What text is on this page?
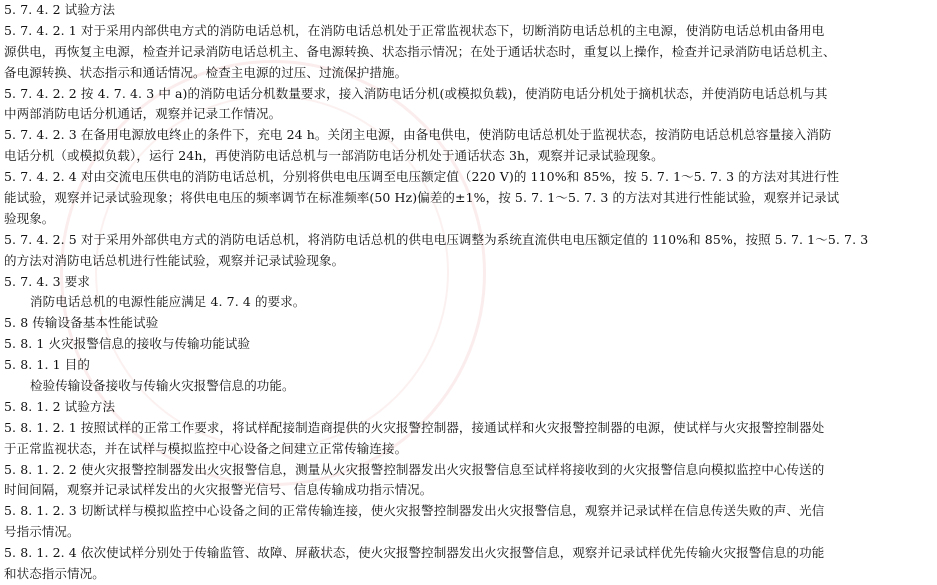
5. 7. 4. 2 试验方法
5. 7. 4. 2. 1 对于采用内部供电方式的消防电话总机，在消防电话总机处于正常监视状态下，切断消防电话总机的主电源，使消防电话总机由备用电
源供电，再恢复主电源，检查并记录消防电话总机主、备电源转换、状态指示情况；在处于通话状态时，重复以上操作，检查并记录消防电话总机主、
备电源转换、状态指示和通话情况。检查主电源的过压、过流保护措施。
5. 7. 4. 2. 2 按 4. 7. 4. 3 中 a)的消防电话分机数量要求，接入消防电话分机(或模拟负载)，使消防电话分机处于摘机状态，并使消防电话总机与其
中两部消防电话分机通话，观察并记录工作情况。
5. 7. 4. 2. 3 在备用电源放电终止的条件下，充电 24 h。关闭主电源，由备电供电，使消防电话总机处于监视状态，按消防电话总机总容量接入消防
电话分机（或模拟负载），运行 24h，再使消防电话总机与一部消防电话分机处于通话状态 3h，观察并记录试验现象。
5. 7. 4. 2. 4 对由交流电压供电的消防电话总机，分别将供电电压调至电压额定值（220 V)的 110%和 85%，按 5. 7. 1～5. 7. 3 的方法对其进行性
能试验，观察并记录试验现象；将供电电压的频率调节在标准频率(50 Hz)偏差的±1%，按 5. 7. 1～5. 7. 3 的方法对其进行性能试验，观察并记录试
验现象。
5. 7. 4. 2. 5 对于采用外部供电方式的消防电话总机，将消防电话总机的供电电压调整为系统直流供电电压额定值的 110%和 85%，按照 5. 7. 1～5. 7. 3
的方法对消防电话总机进行性能试验，观察并记录试验现象。
5. 7. 4. 3 要求
消防电话总机的电源性能应满足 4. 7. 4 的要求。
5. 8 传输设备基本性能试验
5. 8. 1 火灾报警信息的接收与传输功能试验
5. 8. 1. 1 目的
检验传输设备接收与传输火灾报警信息的功能。
5. 8. 1. 2 试验方法
5. 8. 1. 2. 1 按照试样的正常工作要求，将试样配接制造商提供的火灾报警控制器，接通试样和火灾报警控制器的电源，使试样与火灾报警控制器处
于正常监视状态，并在试样与模拟监控中心设备之间建立正常传输连接。
5. 8. 1. 2. 2 使火灾报警控制器发出火灾报警信息，测量从火灾报警控制器发出火灾报警信息至试样将接收到的火灾报警信息向模拟监控中心传送的
时间间隔，观察并记录试样发出的火灾报警光信号、信息传输成功指示情况。
5. 8. 1. 2. 3 切断试样与模拟监控中心设备之间的正常传输连接，使火灾报警控制器发出火灾报警信息，观察并记录试样在信息传送失败的声、光信
号指示情况。
5. 8. 1. 2. 4 依次使试样分别处于传输监管、故障、屏蔽状态，使火灾报警控制器发出火灾报警信息，观察并记录试样优先传输火灾报警信息的功能
和状态指示情况。
